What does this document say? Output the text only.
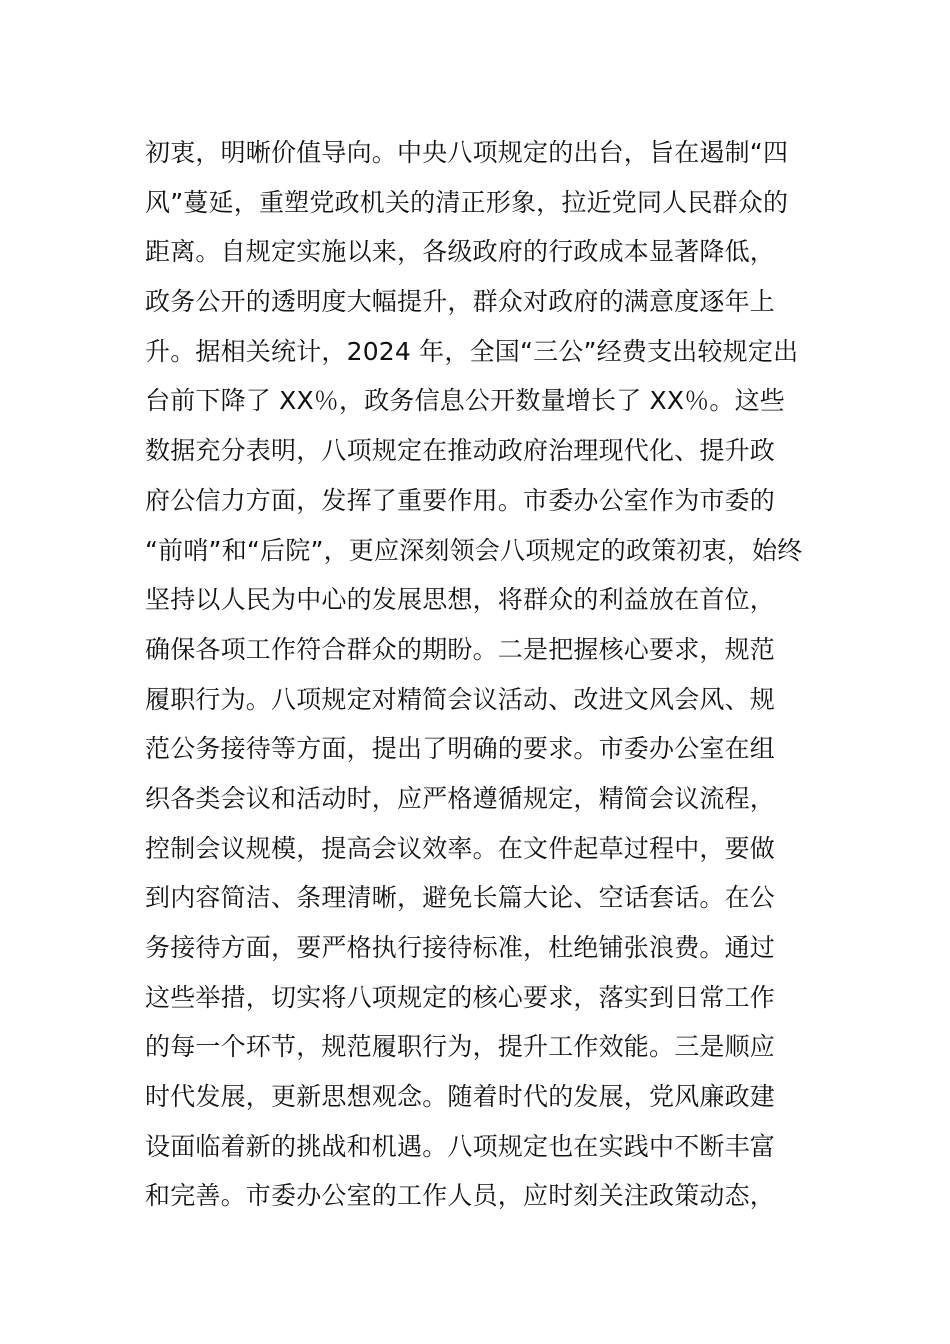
初衷，明晰价值导向。中央八项规定的出台，旨在遏制“四
风”蔓延，重塑党政机关的清正形象，拉近党同人民群众的
距离。自规定实施以来，各级政府的行政成本显著降低，
政务公开的透明度大幅提升，群众对政府的满意度逐年上
升。据相关统计，2024 年，全国“三公”经费支出较规定出
台前下降了 XX％，政务信息公开数量增长了 XX％。这些
数据充分表明，八项规定在推动政府治理现代化、提升政
府公信力方面，发挥了重要作用。市委办公室作为市委的
“前哨”和“后院”，更应深刻领会八项规定的政策初衷，始终
坚持以人民为中心的发展思想，将群众的利益放在首位，
确保各项工作符合群众的期盼。二是把握核心要求，规范
履职行为。八项规定对精简会议活动、改进文风会风、规
范公务接待等方面，提出了明确的要求。市委办公室在组
织各类会议和活动时，应严格遵循规定，精简会议流程，
控制会议规模，提高会议效率。在文件起草过程中，要做
到内容简洁、条理清晰，避免长篇大论、空话套话。在公
务接待方面，要严格执行接待标准，杜绝铺张浪费。通过
这些举措，切实将八项规定的核心要求，落实到日常工作
的每一个环节，规范履职行为，提升工作效能。三是顺应
时代发展，更新思想观念。随着时代的发展，党风廉政建
设面临着新的挑战和机遇。八项规定也在实践中不断丰富
和完善。市委办公室的工作人员，应时刻关注政策动态，
